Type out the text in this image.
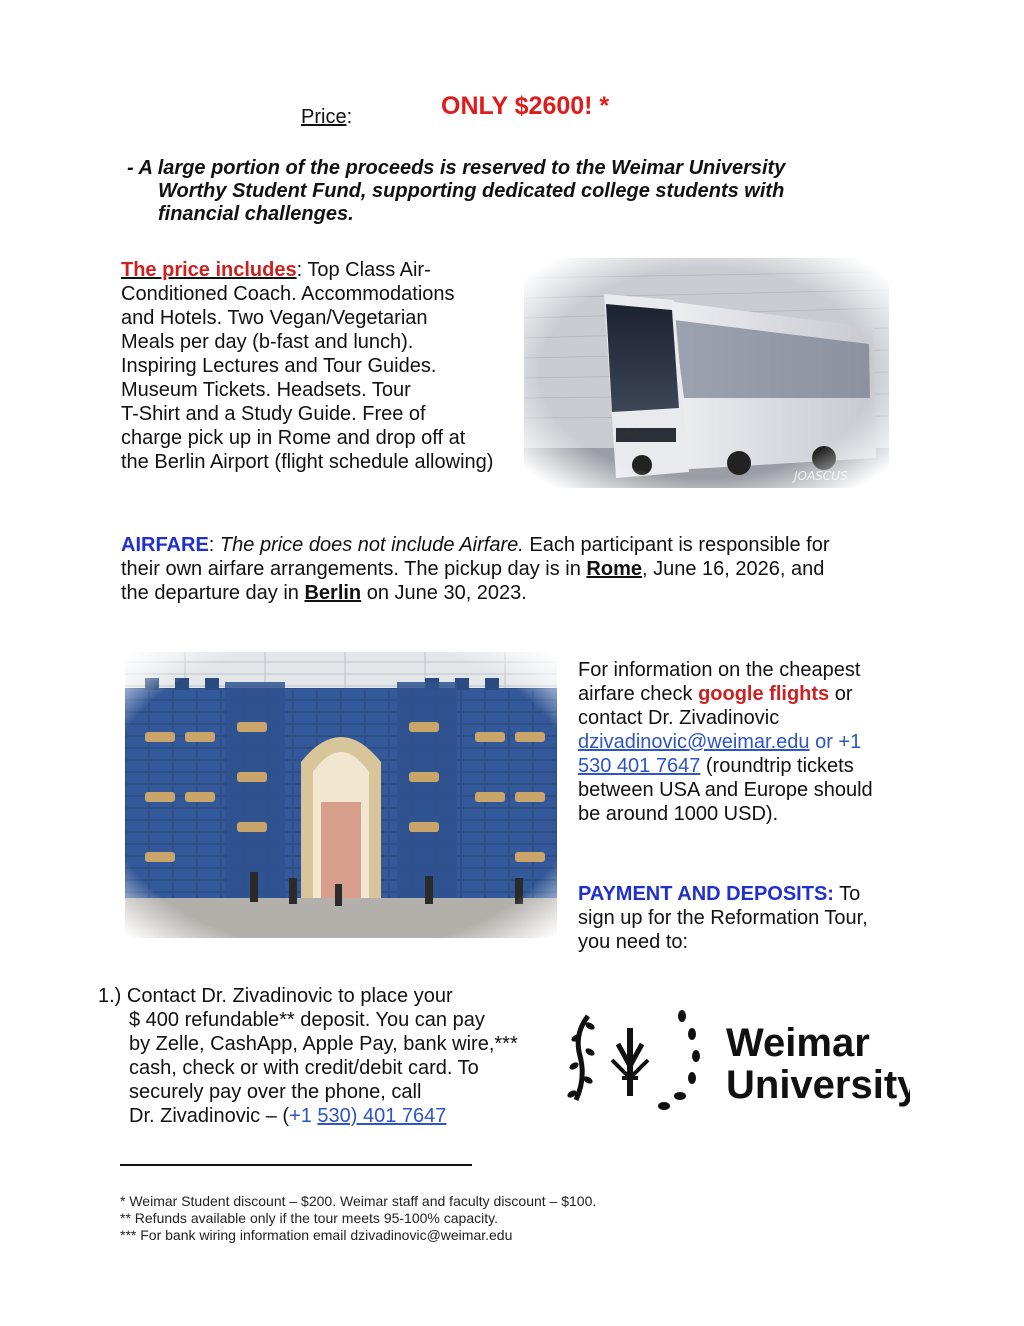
Price:	ONLY $2600! *
- A large portion of the proceeds is reserved to the Weimar University
Worthy Student Fund, supporting dedicated college students with
financial challenges.
The price includes: Top Class Air-
Conditioned Coach. Accommodations
and Hotels. Two Vegan/Vegetarian
Meals per day (b-fast and lunch).
Inspiring Lectures and Tour Guides.
Museum Tickets. Headsets. Tour
T-Shirt and a Study Guide. Free of
charge pick up in Rome and drop off at
the Berlin Airport (flight schedule allowing)
AIRFARE: The price does not include Airfare. Each participant is responsible for
their own airfare arrangements. The pickup day is in Rome, June 16, 2026, and
the departure day in Berlin on June 30, 2023.
For information on the cheapest
airfare check google flights or
contact Dr. Zivadinovic
dzivadinovic@weimar.edu or +1
530 401 7647 (roundtrip tickets
between USA and Europe should
be around 1000 USD).
PAYMENT AND DEPOSITS: To
sign up for the Reformation Tour,
you need to:
1.) Contact Dr. Zivadinovic to place your
$ 400 refundable** deposit. You can pay
by Zelle, CashApp, Apple Pay, bank wire,***
cash, check or with credit/debit card. To
securely pay over the phone, call
Dr. Zivadinovic – (+1 530) 401 7647
Weimar
University
* Weimar Student discount – $200. Weimar staff and faculty discount – $100.
** Refunds available only if the tour meets 95-100% capacity.
*** For bank wiring information email dzivadinovic@weimar.edu
